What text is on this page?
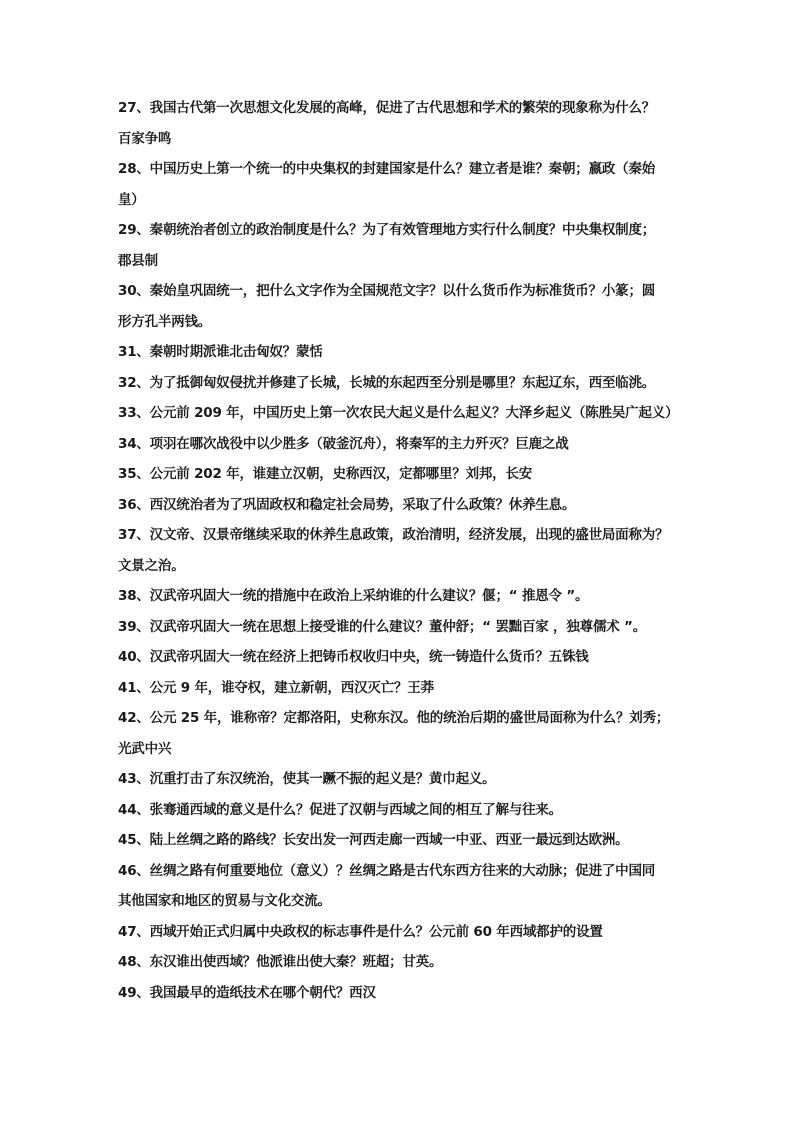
27、我国古代第一次思想文化发展的高峰，促进了古代思想和学术的繁荣的现象称为什么？
百家争鸣
28、中国历史上第一个统一的中央集权的封建国家是什么？建立者是谁？秦朝；嬴政（秦始
皇）
29、秦朝统治者创立的政治制度是什么？为了有效管理地方实行什么制度？中央集权制度；
郡县制
30、秦始皇巩固统一，把什么文字作为全国规范文字？以什么货币作为标准货币？小篆；圆
形方孔半两钱。
31、秦朝时期派谁北击匈奴？蒙恬
32、为了抵御匈奴侵扰并修建了长城，长城的东起西至分别是哪里？东起辽东，西至临洮。
33、公元前 209 年，中国历史上第一次农民大起义是什么起义？大泽乡起义（陈胜吴广起义）
34、项羽在哪次战役中以少胜多（破釜沉舟），将秦军的主力歼灭？巨鹿之战
35、公元前 202 年，谁建立汉朝，史称西汉，定都哪里？刘邦，长安
36、西汉统治者为了巩固政权和稳定社会局势，采取了什么政策？休养生息。
37、汉文帝、汉景帝继续采取的休养生息政策，政治清明，经济发展，出现的盛世局面称为？
文景之治。
38、汉武帝巩固大一统的措施中在政治上采纳谁的什么建议？偃；“ 推恩令 ”。
39、汉武帝巩固大一统在思想上接受谁的什么建议？董仲舒；“ 罢黜百家 ，独尊儒术 ”。
40、汉武帝巩固大一统在经济上把铸币权收归中央，统一铸造什么货币？五铢钱
41、公元 9 年，谁夺权，建立新朝，西汉灭亡？王莽
42、公元 25 年，谁称帝？定都洛阳，史称东汉。他的统治后期的盛世局面称为什么？刘秀；
光武中兴
43、沉重打击了东汉统治，使其一蹶不振的起义是？黄巾起义。
44、张骞通西域的意义是什么？促进了汉朝与西域之间的相互了解与往来。
45、陆上丝绸之路的路线？长安出发一河西走廊一西域一中亚、西亚一最远到达欧洲。
46、丝绸之路有何重要地位（意义）？丝绸之路是古代东西方往来的大动脉；促进了中国同
其他国家和地区的贸易与文化交流。
47、西域开始正式归属中央政权的标志事件是什么？公元前 60 年西域都护的设置
48、东汉谁出使西域？他派谁出使大秦？班超；甘英。
49、我国最早的造纸技术在哪个朝代？西汉
